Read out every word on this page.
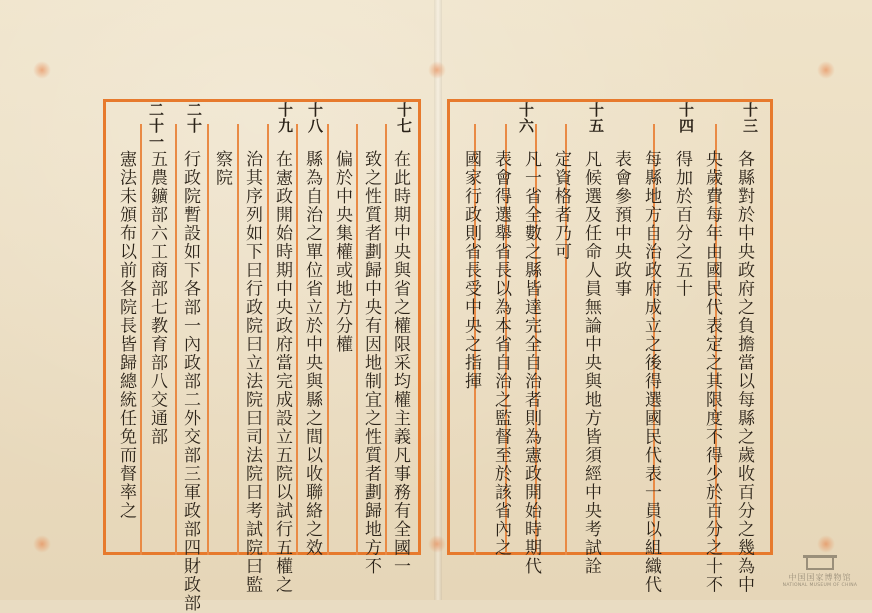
十三
十四
十五
十六
各縣對於中央政府之負擔當以每縣之歲收百分之幾為中
央歲費每年由國民代表定之其限度不得少於百分之十不
得加於百分之五十
每縣地方自治政府成立之後得選國民代表一員以組織代
表會參預中央政事
凡候選及任命人員無論中央與地方皆須經中央考試詮
定資格者乃可
凡一省全數之縣皆達完全自治者則為憲政開始時期代
表會得選舉省長以為本省自治之監督至於該省內之
國家行政則省長受中央之指揮
十七
十八
十九
二十
二十一
在此時期中央與省之權限采均權主義凡事務有全國一
致之性質者劃歸中央有因地制宜之性質者劃歸地方不
偏於中央集權或地方分權
縣為自治之單位省立於中央與縣之間以收聯絡之效
在憲政開始時期中央政府當完成設立五院以試行五權之
治其序列如下曰行政院曰立法院曰司法院曰考試院曰監
察院
行政院暫設如下各部一內政部二外交部三軍政部四財政部
五農鑛部六工商部七教育部八交通部
憲法未頒布以前各院長皆歸總統任免而督率之
中国国家博物馆
NATIONAL MUSEUM OF CHINA
